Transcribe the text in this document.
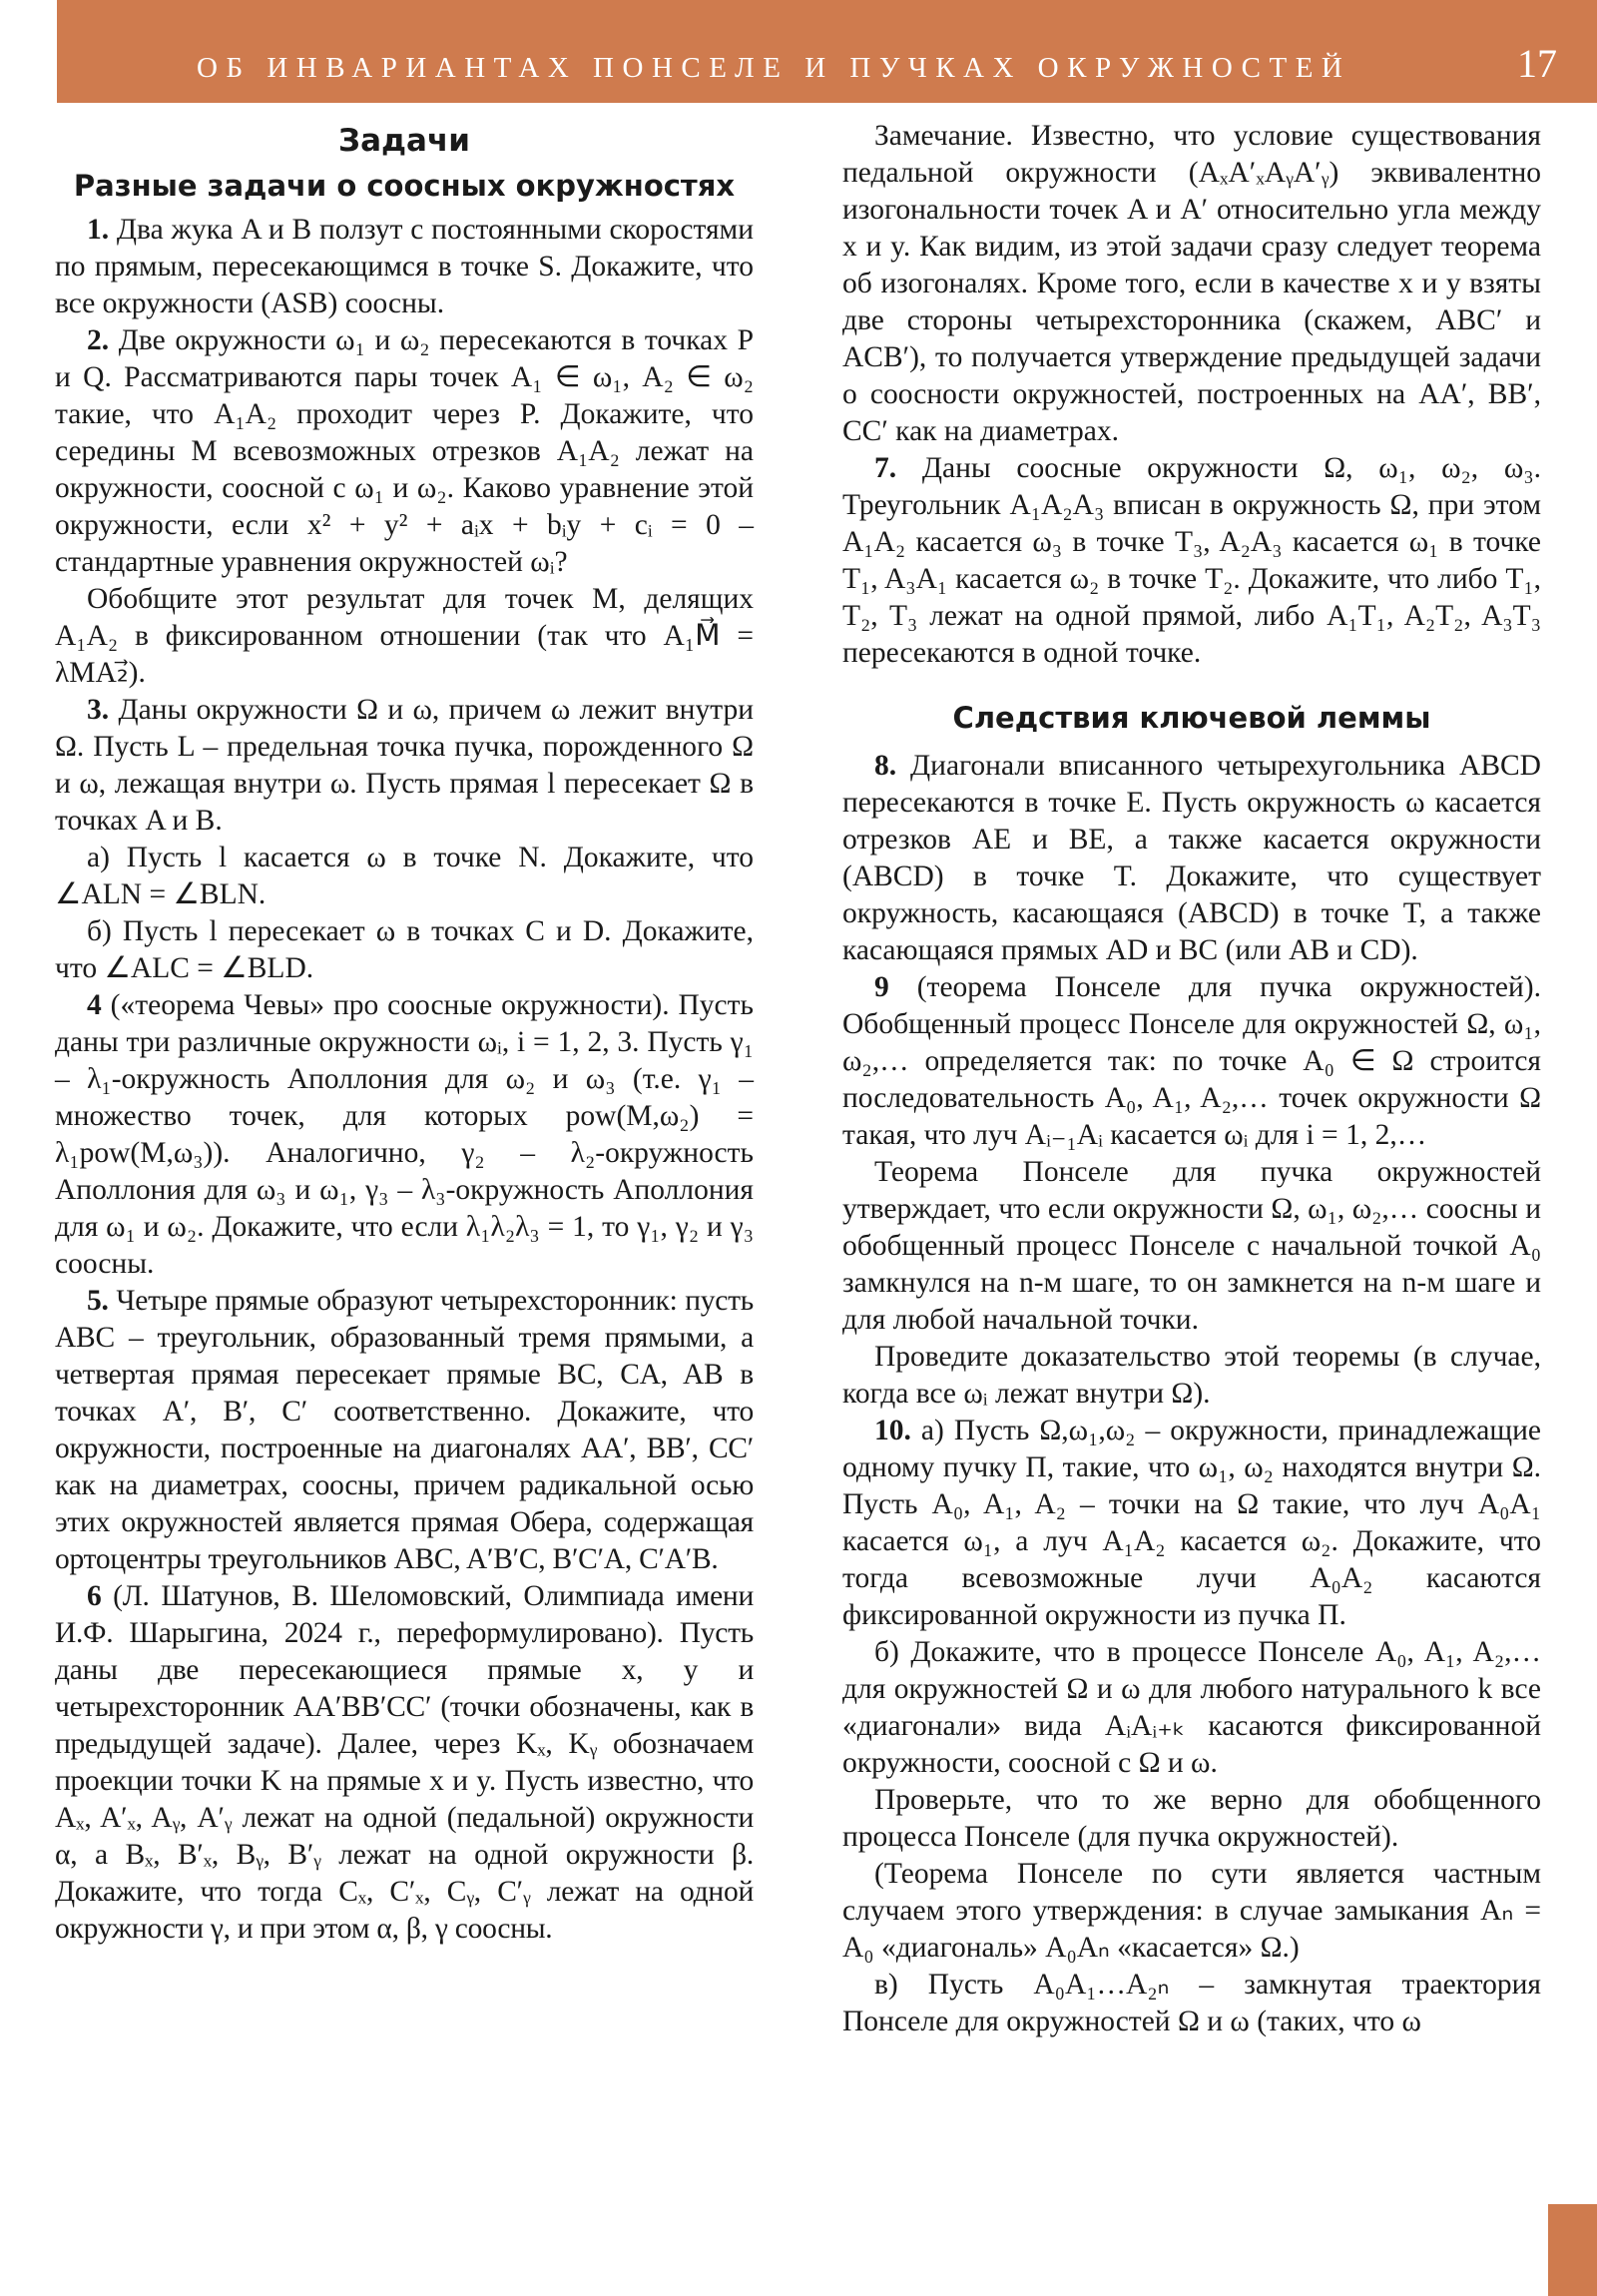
ОБ ИНВАРИАНТАХ ПОНСЕЛЕ И ПУЧКАХ ОКРУЖНОСТЕЙ	17
Задачи
Разные задачи о соосных окружностях

1. Два жука A и B ползут с постоянными скоростями по прямым, пересекающимся в точке S. Докажите, что все окружности (ASB) соосны.

2. Две окружности ω₁ и ω₂ пересекаются в точках P и Q. Рассматриваются пары точек A₁ ∈ ω₁, A₂ ∈ ω₂ такие, что A₁A₂ проходит через P. Докажите, что середины M всевозможных отрезков A₁A₂ лежат на окружности, соосной с ω₁ и ω₂. Каково уравнение этой окружности, если x² + y² + aᵢx + bᵢy + cᵢ = 0 – стандартные уравнения окружностей ωᵢ?

Обобщите этот результат для точек M, делящих A₁A₂ в фиксированном отношении (так что A₁M⃗ = λMA₂⃗).

3. Даны окружности Ω и ω, причем ω лежит внутри Ω. Пусть L – предельная точка пучка, порожденного Ω и ω, лежащая внутри ω. Пусть прямая l пересекает Ω в точках A и B.

а) Пусть l касается ω в точке N. Докажите, что ∠ALN = ∠BLN.

б) Пусть l пересекает ω в точках C и D. Докажите, что ∠ALC = ∠BLD.

4 («теорема Чевы» про соосные окружности). Пусть даны три различные окружности ωᵢ, i = 1, 2, 3. Пусть γ₁ – λ₁-окружность Аполлония для ω₂ и ω₃ (т.е. γ₁ – множество точек, для которых pow(M,ω₂) = λ₁pow(M,ω₃)). Аналогично, γ₂ – λ₂-окружность Аполлония для ω₃ и ω₁, γ₃ – λ₃-окружность Аполлония для ω₁ и ω₂. Докажите, что если λ₁λ₂λ₃ = 1, то γ₁, γ₂ и γ₃ соосны.

5. Четыре прямые образуют четырехсторонник: пусть ABC – треугольник, образованный тремя прямыми, а четвертая прямая пересекает прямые BC, CA, AB в точках A′, B′, C′ соответственно. Докажите, что окружности, построенные на диагоналях AA′, BB′, CC′ как на диаметрах, соосны, причем радикальной осью этих окружностей является прямая Обера, содержащая ортоцентры треугольников ABC, A′B′C, B′C′A, C′A′B.

6 (Л. Шатунов, В. Шеломовский, Олимпиада имени И.Ф. Шарыгина, 2024 г., переформулировано). Пусть даны две пересекающиеся прямые x, y и четырехсторонник AA′BB′CC′ (точки обозначены, как в предыдущей задаче). Далее, через Kₓ, Kᵧ обозначаем проекции точки K на прямые x и y. Пусть известно, что Aₓ, A′ₓ, Aᵧ, A′ᵧ лежат на одной (педальной) окружности α, а Bₓ, B′ₓ, Bᵧ, B′ᵧ лежат на одной окружности β. Докажите, что тогда Cₓ, C′ₓ, Cᵧ, C′ᵧ лежат на одной окружности γ, и при этом α, β, γ соосны.

Замечание. Известно, что условие существования педальной окружности (AₓA′ₓAᵧA′ᵧ) эквивалентно изогональности точек A и A′ относительно угла между x и y. Как видим, из этой задачи сразу следует теорема об изогоналях. Кроме того, если в качестве x и y взяты две стороны четырехсторонника (скажем, ABC′ и ACB′), то получается утверждение предыдущей задачи о соосности окружностей, построенных на AA′, BB′, CC′ как на диаметрах.

7. Даны соосные окружности Ω, ω₁, ω₂, ω₃. Треугольник A₁A₂A₃ вписан в окружность Ω, при этом A₁A₂ касается ω₃ в точке T₃, A₂A₃ касается ω₁ в точке T₁, A₃A₁ касается ω₂ в точке T₂. Докажите, что либо T₁, T₂, T₃ лежат на одной прямой, либо A₁T₁, A₂T₂, A₃T₃ пересекаются в одной точке.

Следствия ключевой леммы

8. Диагонали вписанного четырехугольника ABCD пересекаются в точке E. Пусть окружность ω касается отрезков AE и BE, а также касается окружности (ABCD) в точке T. Докажите, что существует окружность, касающаяся (ABCD) в точке T, а также касающаяся прямых AD и BC (или AB и CD).

9 (теорема Понселе для пучка окружностей). Обобщенный процесс Понселе для окружностей Ω, ω₁, ω₂,… определяется так: по точке A₀ ∈ Ω строится последовательность A₀, A₁, A₂,… точек окружности Ω такая, что луч Aᵢ₋₁Aᵢ касается ωᵢ для i = 1, 2,…

Теорема Понселе для пучка окружностей утверждает, что если окружности Ω, ω₁, ω₂,… соосны и обобщенный процесс Понселе с начальной точкой A₀ замкнулся на n-м шаге, то он замкнется на n-м шаге и для любой начальной точки.

Проведите доказательство этой теоремы (в случае, когда все ωᵢ лежат внутри Ω).

10. а) Пусть Ω,ω₁,ω₂ – окружности, принадлежащие одному пучку Π, такие, что ω₁, ω₂ находятся внутри Ω. Пусть A₀, A₁, A₂ – точки на Ω такие, что луч A₀A₁ касается ω₁, а луч A₁A₂ касается ω₂. Докажите, что тогда всевозможные лучи A₀A₂ касаются фиксированной окружности из пучка Π.

б) Докажите, что в процессе Понселе A₀, A₁, A₂,… для окружностей Ω и ω для любого натурального k все «диагонали» вида AᵢAᵢ₊ₖ касаются фиксированной окружности, соосной с Ω и ω.

Проверьте, что то же верно для обобщенного процесса Понселе (для пучка окружностей).

(Теорема Понселе по сути является частным случаем этого утверждения: в случае замыкания Aₙ = A₀ «диагональ» A₀Aₙ «касается» Ω.)

в) Пусть A₀A₁…A₂ₙ – замкнутая траектория Понселе для окружностей Ω и ω (таких, что ω
